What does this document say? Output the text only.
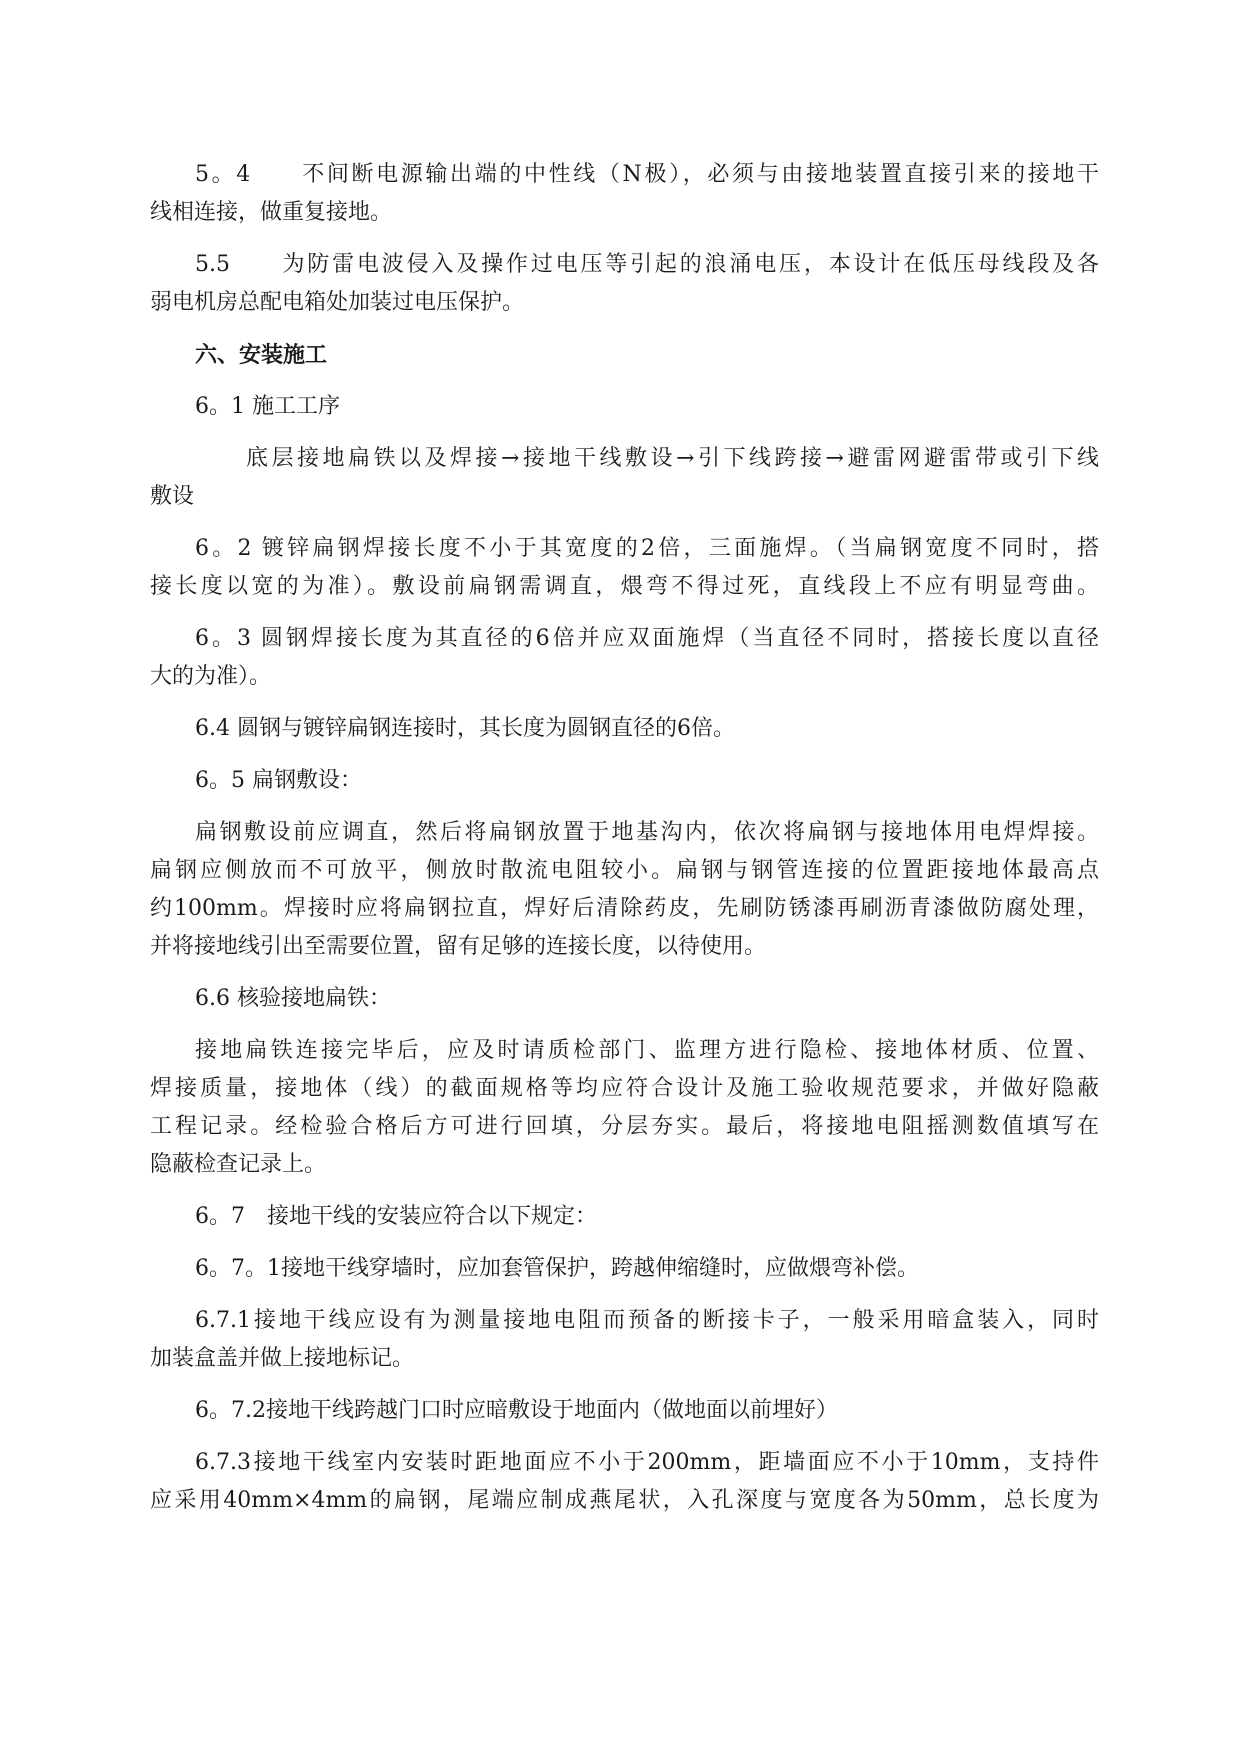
5。4　　不间断电源输出端的中性线（N极），必须与由接地装置直接引来的接地干

线相连接，做重复接地。

5.5　　为防雷电波侵入及操作过电压等引起的浪涌电压，本设计在低压母线段及各

弱电机房总配电箱处加装过电压保护。

六、安装施工

6。1 施工工序

底层接地扁铁以及焊接→接地干线敷设→引下线跨接→避雷网避雷带或引下线

敷设

6。2 镀锌扁钢焊接长度不小于其宽度的2倍，三面施焊。（当扁钢宽度不同时，搭

接长度以宽的为准）。敷设前扁钢需调直，煨弯不得过死，直线段上不应有明显弯曲。

6。3 圆钢焊接长度为其直径的6倍并应双面施焊（当直径不同时，搭接长度以直径

大的为准）。

6.4 圆钢与镀锌扁钢连接时，其长度为圆钢直径的6倍。

6。5 扁钢敷设：

扁钢敷设前应调直，然后将扁钢放置于地基沟内，依次将扁钢与接地体用电焊焊接。

扁钢应侧放而不可放平，侧放时散流电阻较小。扁钢与钢管连接的位置距接地体最高点

约100mm。焊接时应将扁钢拉直，焊好后清除药皮，先刷防锈漆再刷沥青漆做防腐处理，

并将接地线引出至需要位置，留有足够的连接长度，以待使用。

6.6 核验接地扁铁：

接地扁铁连接完毕后，应及时请质检部门、监理方进行隐检、接地体材质、位置、

焊接质量，接地体（线）的截面规格等均应符合设计及施工验收规范要求，并做好隐蔽

工程记录。经检验合格后方可进行回填，分层夯实。最后，将接地电阻摇测数值填写在

隐蔽检查记录上。

6。7　接地干线的安装应符合以下规定：

6。7。1接地干线穿墙时，应加套管保护，跨越伸缩缝时，应做煨弯补偿。

6.7.1接地干线应设有为测量接地电阻而预备的断接卡子，一般采用暗盒装入，同时

加装盒盖并做上接地标记。

6。7.2接地干线跨越门口时应暗敷设于地面内（做地面以前埋好）

6.7.3接地干线室内安装时距地面应不小于200mm，距墙面应不小于10mm，支持件

应采用40mm×4mm的扁钢，尾端应制成燕尾状，入孔深度与宽度各为50mm，总长度为
